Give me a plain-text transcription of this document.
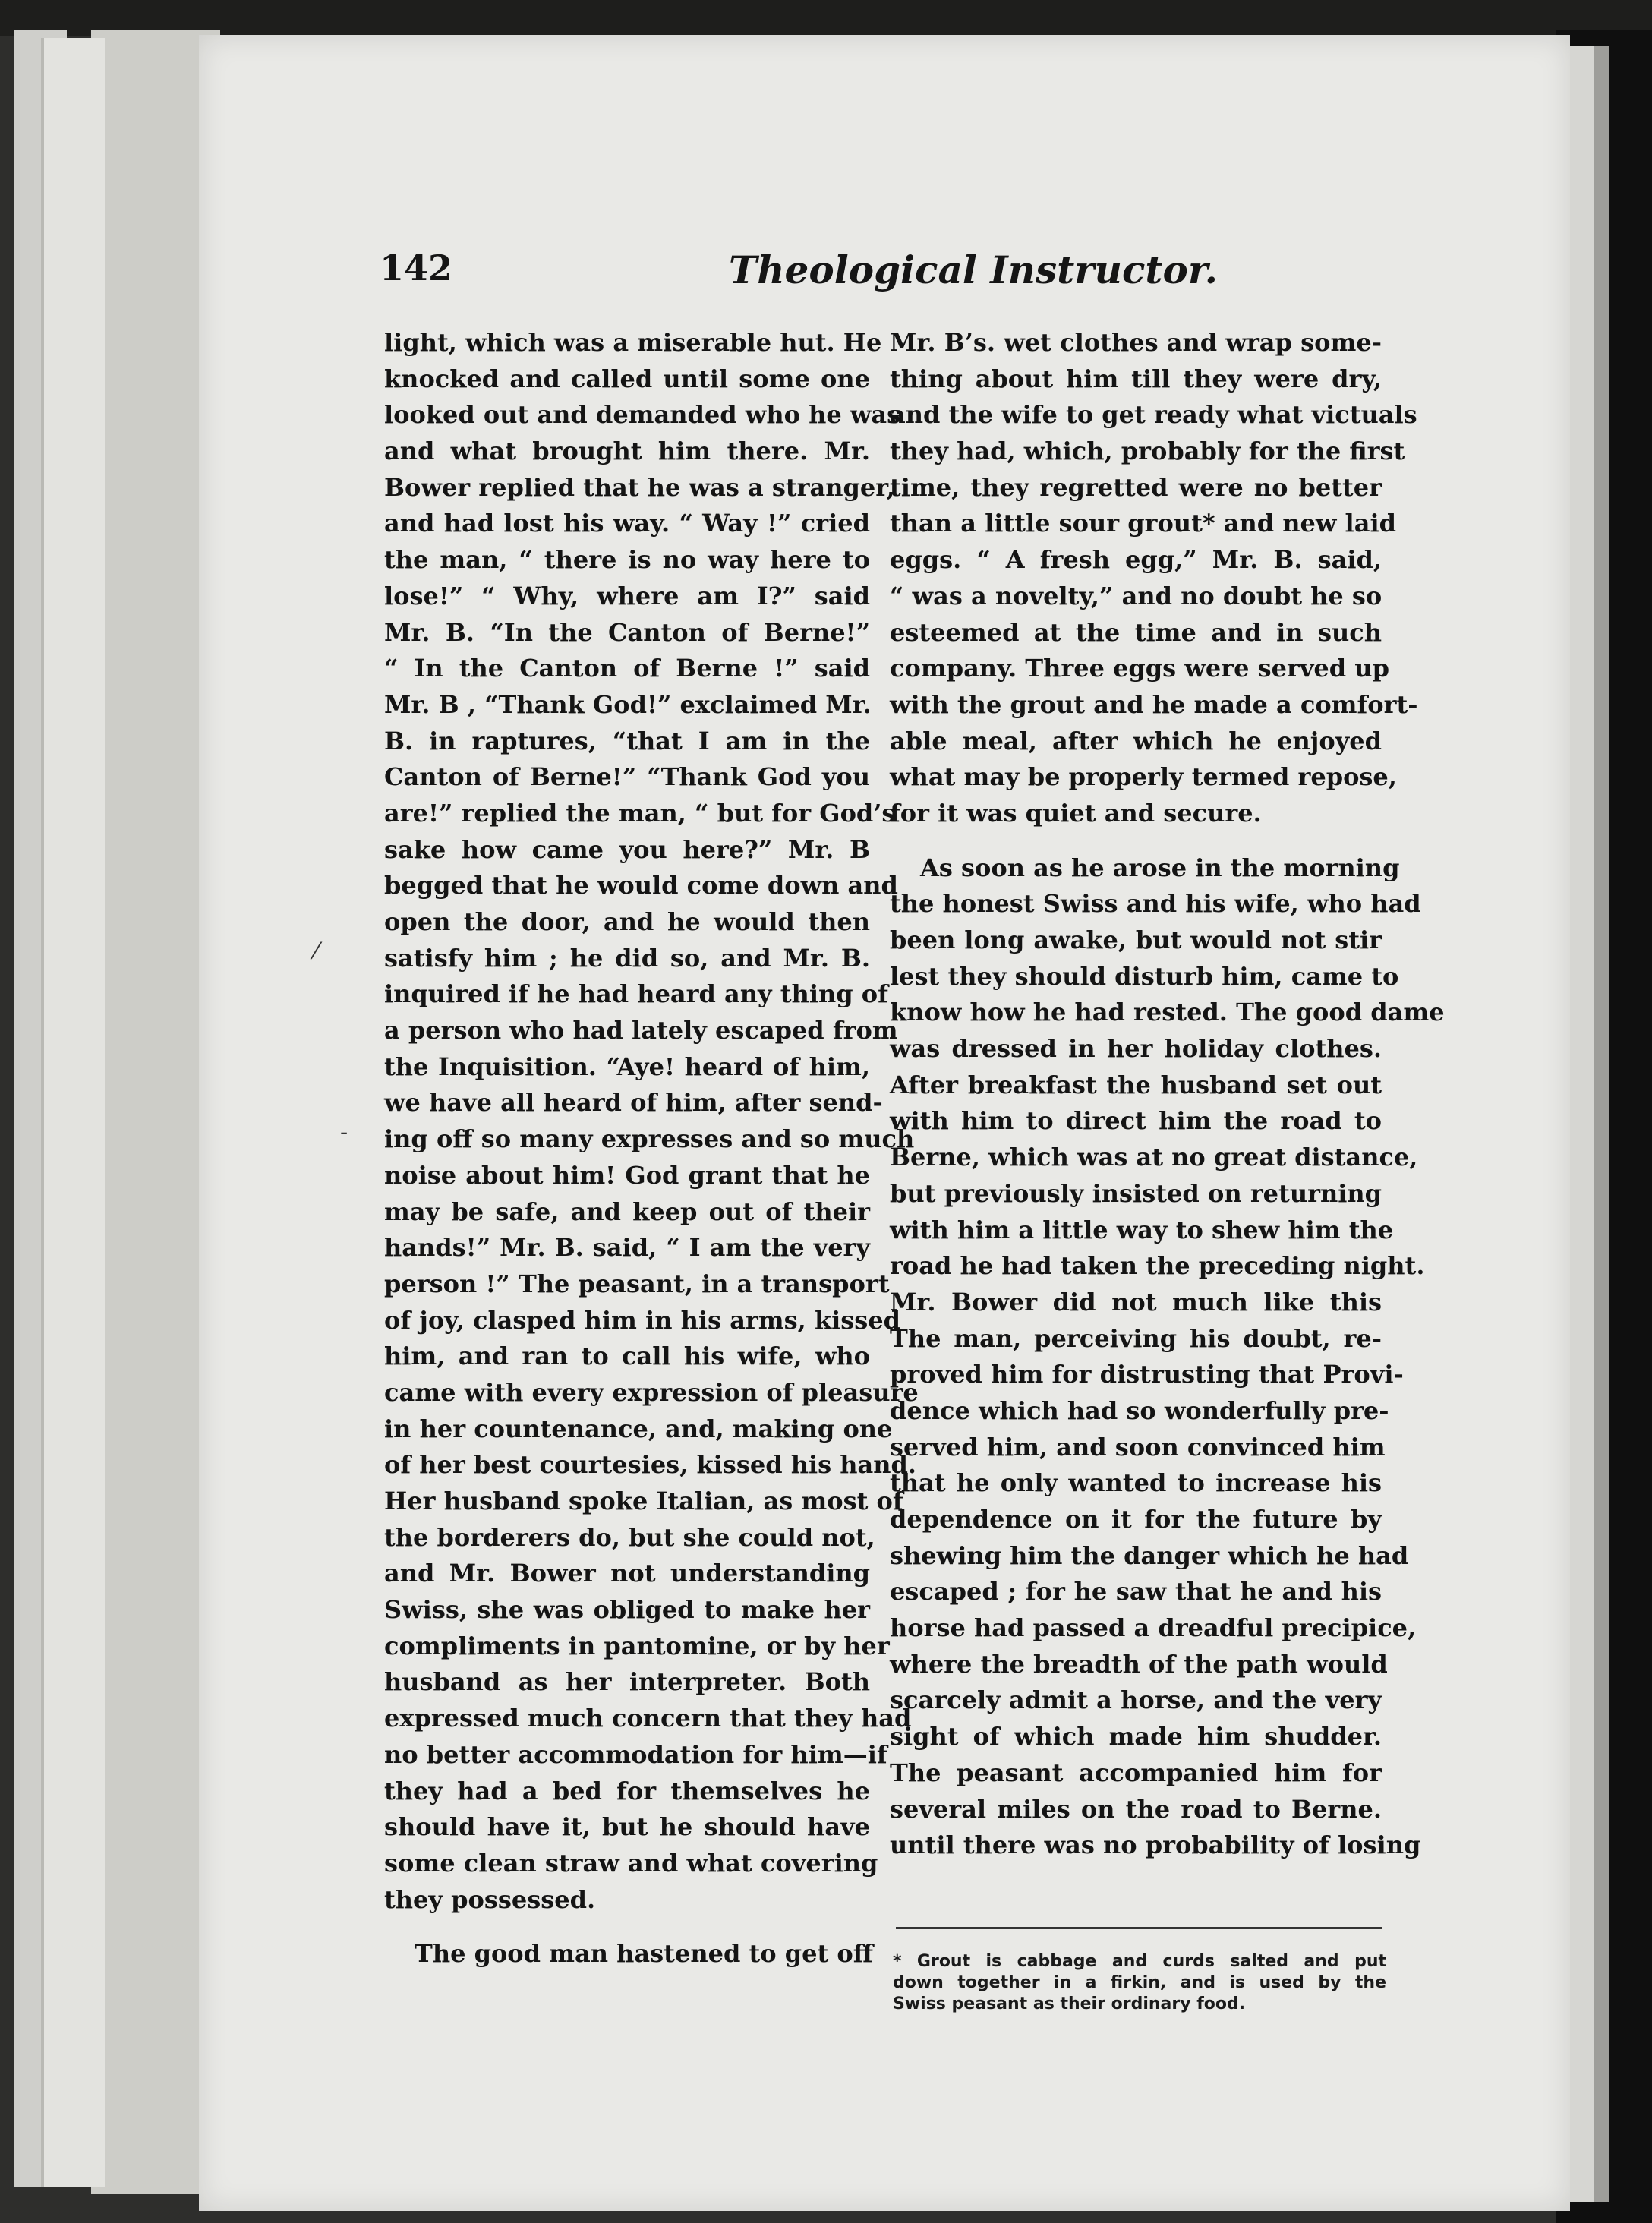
142	Theological Instructor.
light, which was a miserable hut. He
knocked and called until some one
looked out and demanded who he was
and what brought him there. Mr.
Bower replied that he was a stranger,
and had lost his way. “ Way !” cried
the man, “ there is no way here to
lose!” “ Why, where am I?” said
Mr. B. “In the Canton of Berne!”
“ In the Canton of Berne !” said
Mr. B , “Thank God!” exclaimed Mr.
B. in raptures, “that I am in the
Canton of Berne!” “Thank God you
are!” replied the man, “ but for God’s
sake how came you here?” Mr. B
begged that he would come down and
open the door, and he would then
satisfy him ; he did so, and Mr. B.
inquired if he had heard any thing of
a person who had lately escaped from
the Inquisition. “Aye! heard of him,
we have all heard of him, after send-
ing off so many expresses and so much
noise about him! God grant that he
may be safe, and keep out of their
hands!” Mr. B. said, “ I am the very
person !” The peasant, in a transport
of joy, clasped him in his arms, kissed
him, and ran to call his wife, who
came with every expression of pleasure
in her countenance, and, making one
of her best courtesies, kissed his hand.
Her husband spoke Italian, as most of
the borderers do, but she could not,
and Mr. Bower not understanding
Swiss, she was obliged to make her
compliments in pantomine, or by her
husband as her interpreter. Both
expressed much concern that they had
no better accommodation for him—if
they had a bed for themselves he
should have it, but he should have
some clean straw and what covering
they possessed.
The good man hastened to get off
Mr. B’s. wet clothes and wrap some-
thing about him till they were dry,
and the wife to get ready what victuals
they had, which, probably for the first
time, they regretted were no better
than a little sour grout* and new laid
eggs. “ A fresh egg,” Mr. B. said,
“ was a novelty,” and no doubt he so
esteemed at the time and in such
company. Three eggs were served up
with the grout and he made a comfort-
able meal, after which he enjoyed
what may be properly termed repose,
for it was quiet and secure.
As soon as he arose in the morning
the honest Swiss and his wife, who had
been long awake, but would not stir
lest they should disturb him, came to
know how he had rested. The good dame
was dressed in her holiday clothes.
After breakfast the husband set out
with him to direct him the road to
Berne, which was at no great distance,
but previously insisted on returning
with him a little way to shew him the
road he had taken the preceding night.
Mr. Bower did not much like this
The man, perceiving his doubt, re-
proved him for distrusting that Provi-
dence which had so wonderfully pre-
served him, and soon convinced him
that he only wanted to increase his
dependence on it for the future by
shewing him the danger which he had
escaped ; for he saw that he and his
horse had passed a dreadful precipice,
where the breadth of the path would
scarcely admit a horse, and the very
sight of which made him shudder.
The peasant accompanied him for
several miles on the road to Berne.
until there was no probability of losing
* Grout is cabbage and curds salted and put
down together in a firkin, and is used by the
Swiss peasant as their ordinary food.
⁄
-
